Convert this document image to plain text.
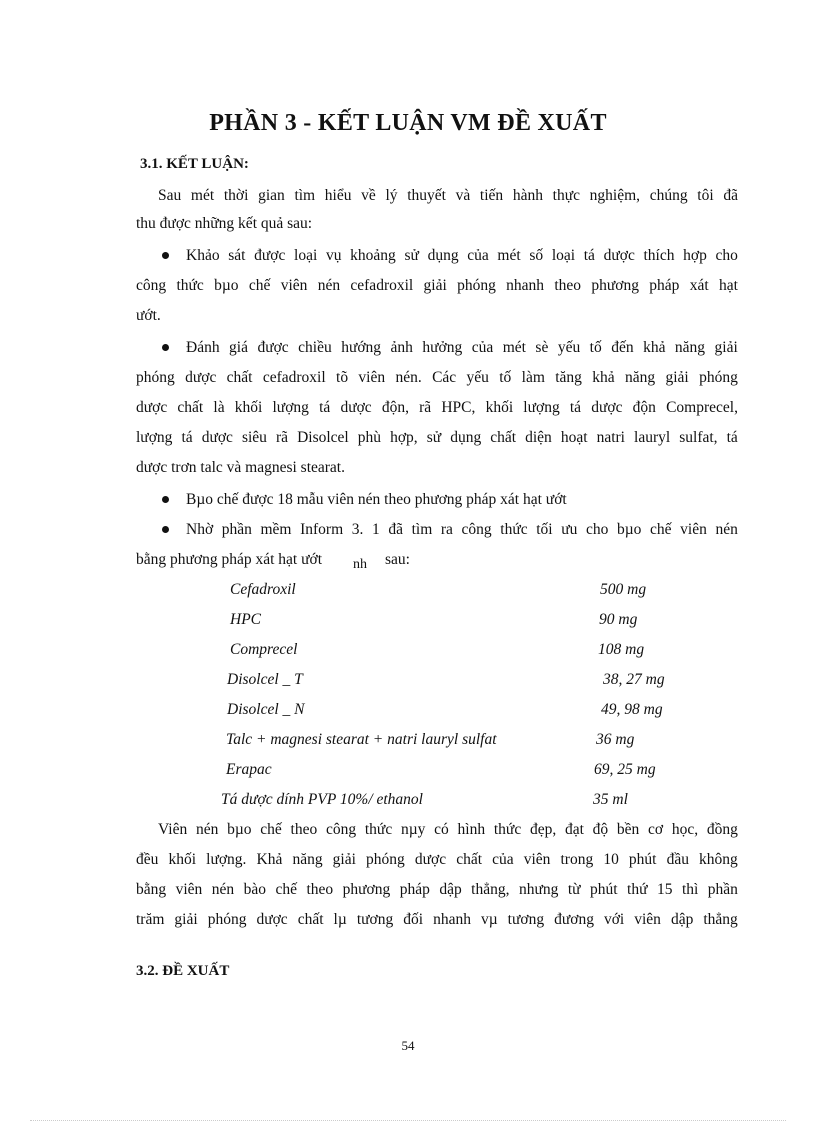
PHẦN 3 - KẾT LUẬN VM ĐỀ XUẤT
3.1. KẾT LUẬN:
Sau mét thời gian tìm hiểu về lý thuyết và tiến hành thực nghiệm, chúng tôi đã
thu được những kết quả sau:
Khảo sát được loại vụ khoảng sử dụng của mét số loại tá dược thích hợp cho
công thức bµo chế viên nén cefadroxil giải phóng nhanh theo phương pháp xát hạt
ướt.
Đánh giá được chiều hướng ảnh hưởng của mét sè yếu tố đến khả năng giải
phóng dược chất cefadroxil tõ viên nén. Các yếu tố làm tăng khả năng giải phóng
dược chất là khối lượng tá dược độn, rã HPC, khối lượng tá dược độn Comprecel,
lượng tá dược siêu rã Disolcel phù hợp, sử dụng chất diện hoạt natri lauryl sulfat, tá
dược trơn talc và magnesi stearat.
Bµo chế được 18 mẫu viên nén theo phương pháp xát hạt ướt
Nhờ phần mềm Inform 3. 1 đã tìm ra công thức tối ưu cho bµo chế viên nén
bằng phương pháp xát hạt ướt nh sau:
Cefadroxil	500 mg
HPC	90 mg
Comprecel	108 mg
Disolcel _ T	38, 27 mg
Disolcel _ N	49, 98 mg
Talc + magnesi stearat + natri lauryl sulfat	36 mg
Erapac	69, 25 mg
Tá dược dính PVP 10%/ ethanol	35 ml
Viên nén bµo chế theo công thức nµy có hình thức đẹp, đạt độ bền cơ học, đồng
đều khối lượng. Khả năng giải phóng dược chất của viên trong 10 phút đầu không
bằng viên nén bào chế theo phương pháp dập thẳng, nhưng từ phút thứ 15 thì phần
trăm giải phóng dược chất lµ tương đối nhanh vµ tương đương với viên dập thẳng
3.2. ĐỀ XUẤT
54
